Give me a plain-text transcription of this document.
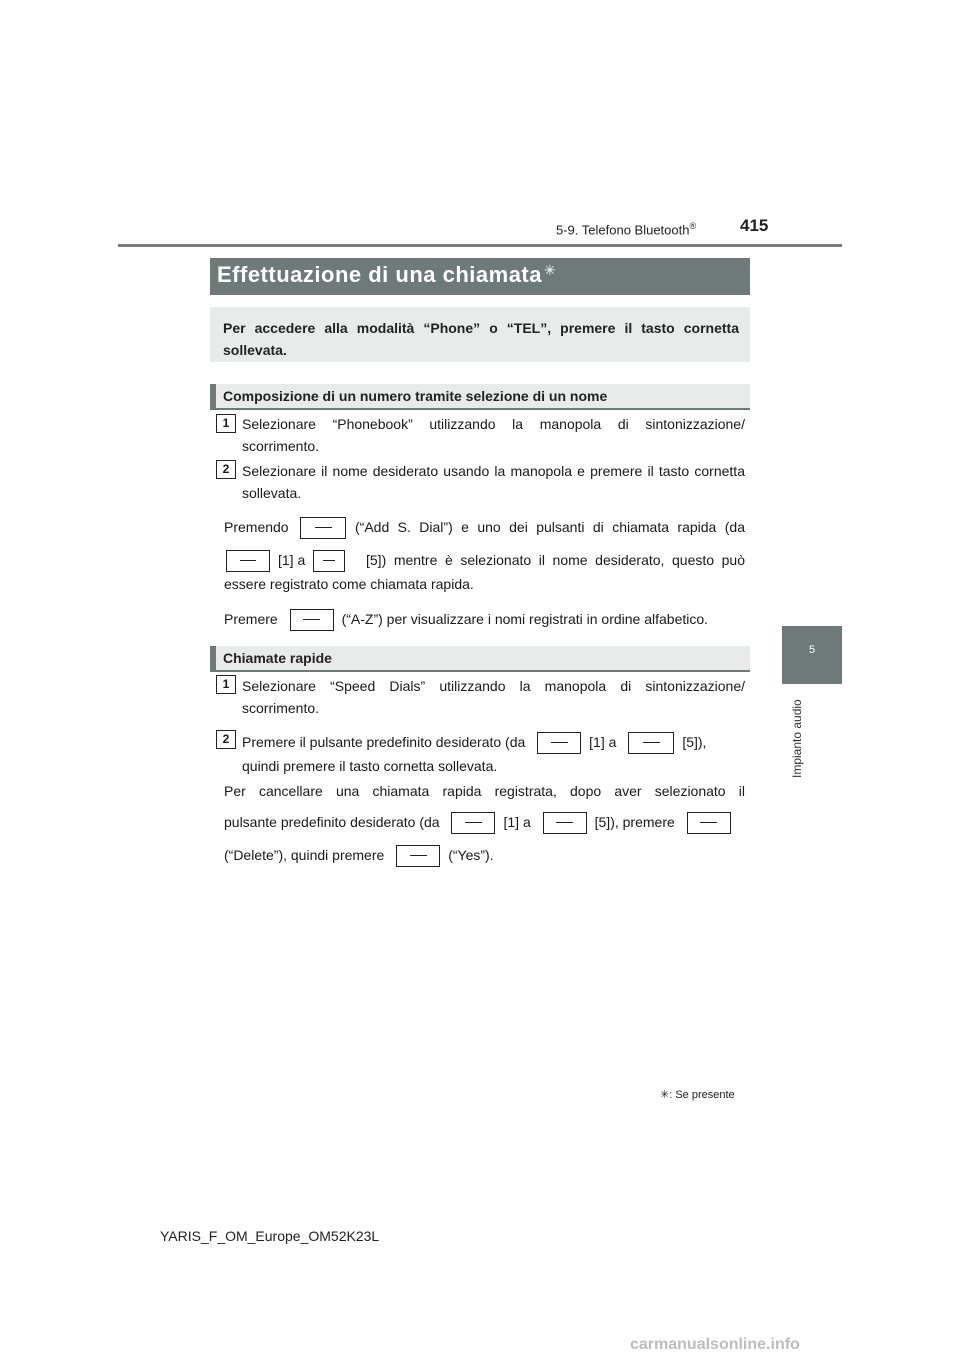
5-9. Telefono Bluetooth®	415
5
Impianto audio
Effettuazione di una chiamata ✳

Per accedere alla modalità “Phone” o “TEL”, premere il tasto cornetta sollevata.

Composizione di un numero tramite selezione di un nome
1 Selezionare “Phonebook” utilizzando la manopola di sintonizzazione/ scorrimento.
2 Selezionare il nome desiderato usando la manopola e premere il tasto cornetta sollevata.
Premendo	(“Add S. Dial”) e uno dei pulsanti di chiamata rapida (da
[1] a	[5]) mentre è selezionato il nome desiderato, questo può
essere registrato come chiamata rapida.
Premere	(“A-Z”) per visualizzare i nomi registrati in ordine alfabetico.
Chiamate rapide
1 Selezionare “Speed Dials” utilizzando la manopola di sintonizzazione/ scorrimento.
2 Premere il pulsante predefinito desiderato (da	[1] a	[5]),
quindi premere il tasto cornetta sollevata.
Per cancellare una chiamata rapida registrata, dopo aver selezionato il
pulsante predefinito desiderato (da	[1] a	[5]), premere
(“Delete”), quindi premere	(“Yes”).
✳: Se presente
YARIS_F_OM_Europe_OM52K23L
carmanualsonline.info
